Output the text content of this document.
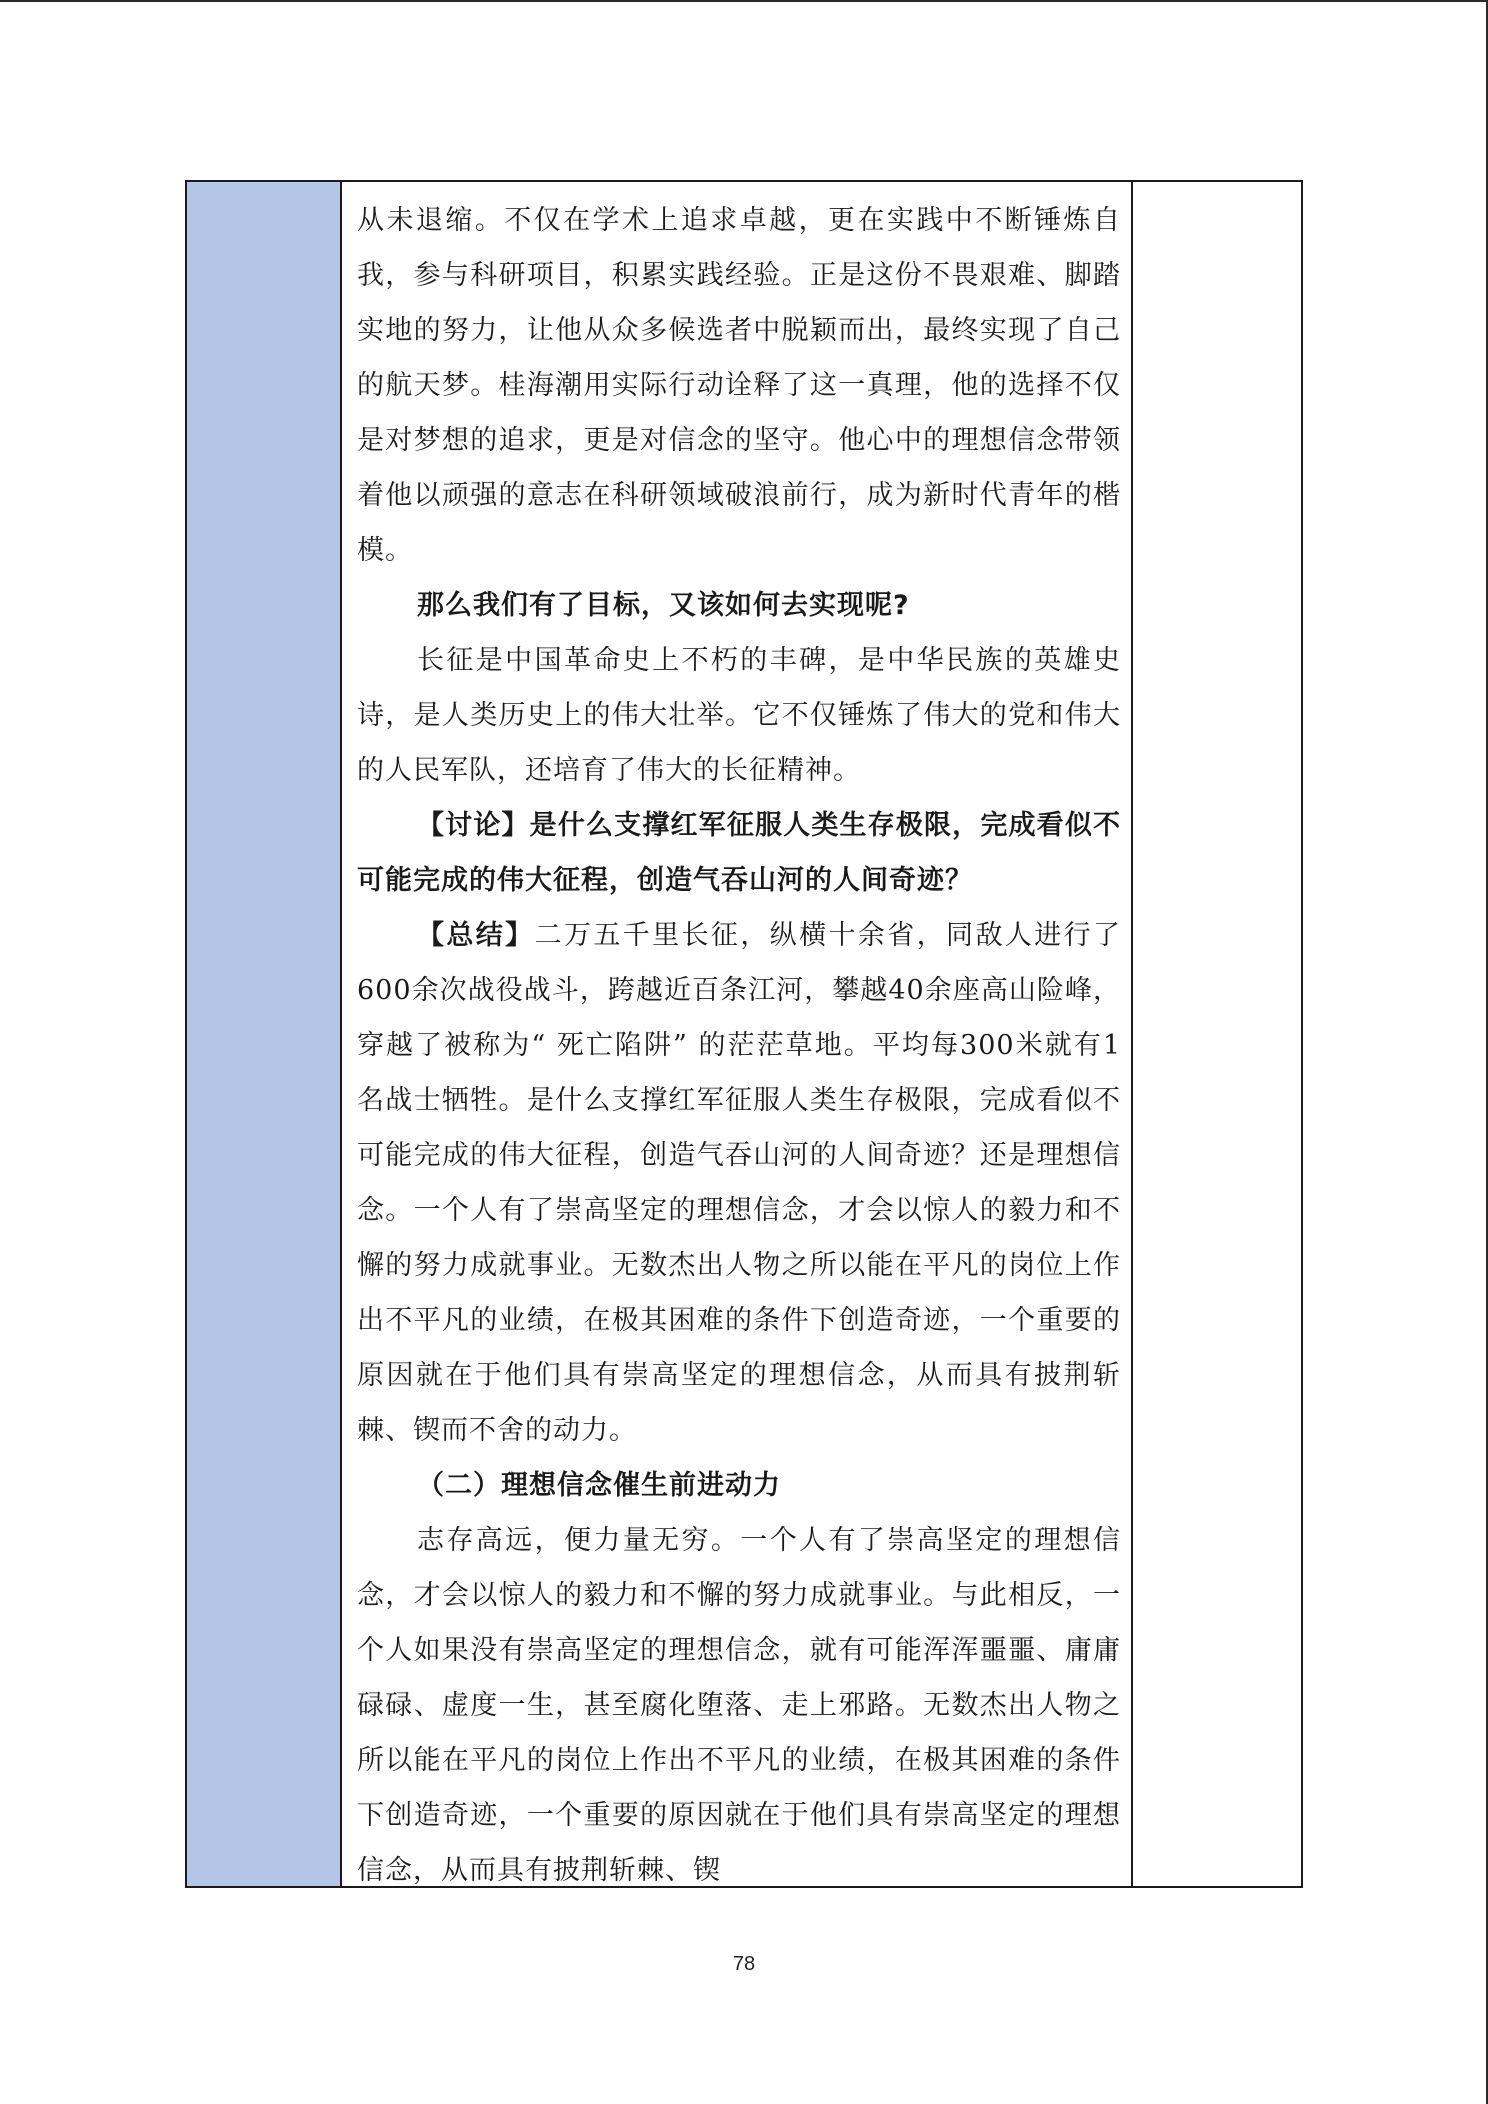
从未退缩。不仅在学术上追求卓越，更在实践中不断锤炼自我，参与科研项目，积累实践经验。正是这份不畏艰难、脚踏实地的努力，让他从众多候选者中脱颖而出，最终实现了自己的航天梦。桂海潮用实际行动诠释了这一真理，他的选择不仅是对梦想的追求，更是对信念的坚守。他心中的理想信念带领着他以顽强的意志在科研领域破浪前行，成为新时代青年的楷模。

那么我们有了目标，又该如何去实现呢?

长征是中国革命史上不朽的丰碑，是中华民族的英雄史诗，是人类历史上的伟大壮举。它不仅锤炼了伟大的党和伟大的人民军队，还培育了伟大的长征精神。

【讨论】是什么支撑红军征服人类生存极限，完成看似不可能完成的伟大征程，创造气吞山河的人间奇迹？

【总结】二万五千里长征，纵横十余省，同敌人进行了600余次战役战斗，跨越近百条江河，攀越40余座高山险峰，穿越了被称为“ 死亡陷阱” 的茫茫草地。平均每300米就有1名战士牺牲。是什么支撑红军征服人类生存极限，完成看似不可能完成的伟大征程，创造气吞山河的人间奇迹？还是理想信念。一个人有了崇高坚定的理想信念，才会以惊人的毅力和不懈的努力成就事业。无数杰出人物之所以能在平凡的岗位上作出不平凡的业绩，在极其困难的条件下创造奇迹，一个重要的原因就在于他们具有崇高坚定的理想信念，从而具有披荆斩棘、锲而不舍的动力。

（二）理想信念催生前进动力

志存高远，便力量无穷。一个人有了崇高坚定的理想信念，才会以惊人的毅力和不懈的努力成就事业。与此相反，一个人如果没有崇高坚定的理想信念，就有可能浑浑噩噩、庸庸碌碌、虚度一生，甚至腐化堕落、走上邪路。无数杰出人物之所以能在平凡的岗位上作出不平凡的业绩，在极其困难的条件下创造奇迹，一个重要的原因就在于他们具有崇高坚定的理想信念，从而具有披荆斩棘、锲

78
